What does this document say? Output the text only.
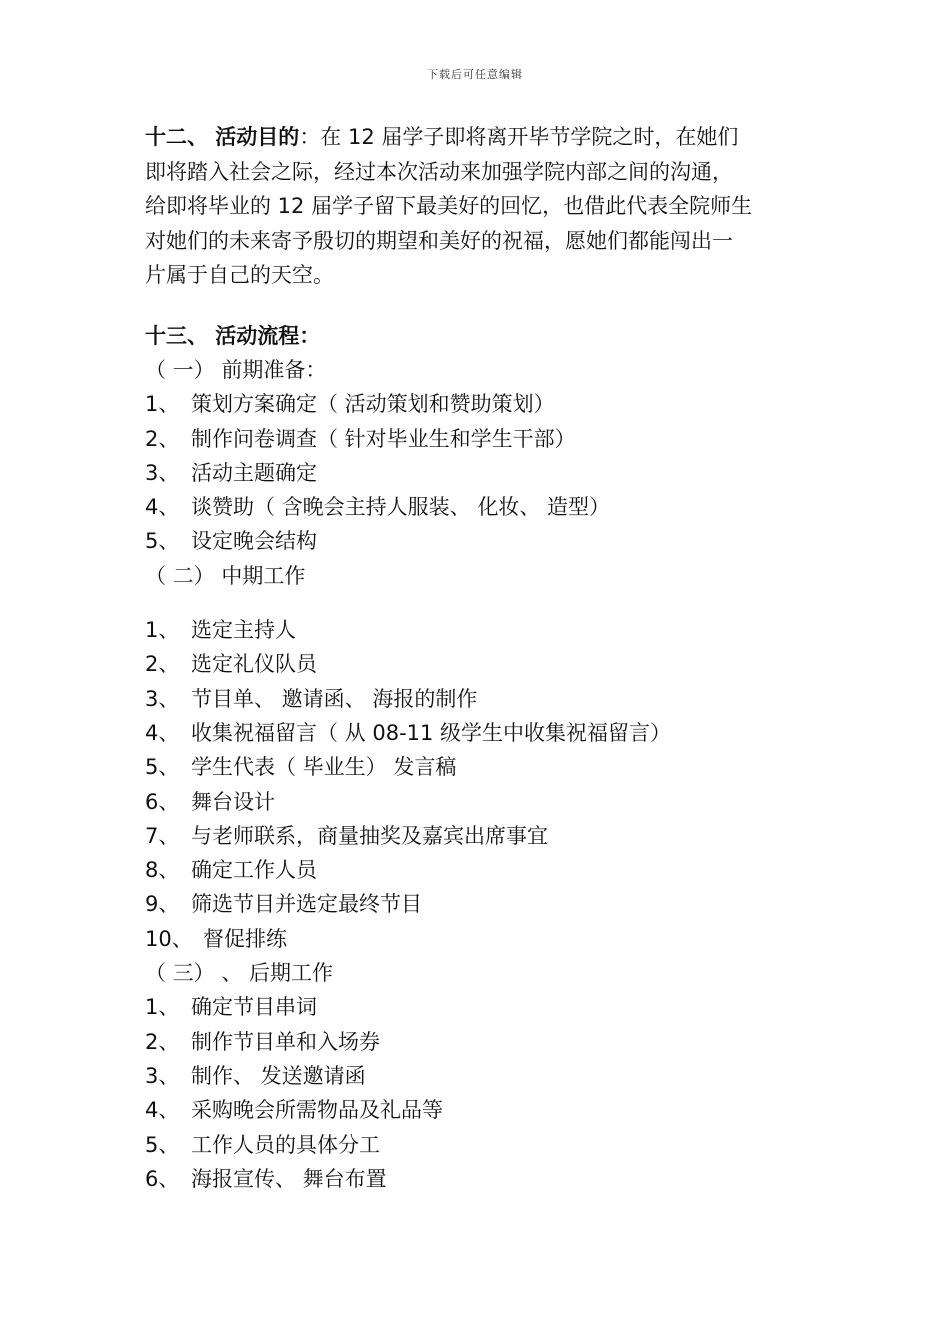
下载后可任意编辑
十二、 活动目的：在 12 届学子即将离开毕节学院之时，在她们
即将踏入社会之际，经过本次活动来加强学院内部之间的沟通，
给即将毕业的 12 届学子留下最美好的回忆，也借此代表全院师生
对她们的未来寄予殷切的期望和美好的祝福，愿她们都能闯出一
片属于自己的天空。
十三、 活动流程：
（ 一） 前期准备：
1、 策划方案确定（ 活动策划和赞助策划）
2、 制作问卷调查（ 针对毕业生和学生干部）
3、 活动主题确定
4、 谈赞助（ 含晚会主持人服装、 化妆、 造型）
5、 设定晚会结构
（ 二） 中期工作
1、 选定主持人
2、 选定礼仪队员
3、 节目单、 邀请函、 海报的制作
4、 收集祝福留言（ 从 08-11 级学生中收集祝福留言）
5、 学生代表（ 毕业生） 发言稿
6、 舞台设计
7、 与老师联系，商量抽奖及嘉宾出席事宜
8、 确定工作人员
9、 筛选节目并选定最终节目
10、 督促排练
（ 三） 、 后期工作
1、 确定节目串词
2、 制作节目单和入场券
3、 制作、 发送邀请函
4、 采购晚会所需物品及礼品等
5、 工作人员的具体分工
6、 海报宣传、 舞台布置
